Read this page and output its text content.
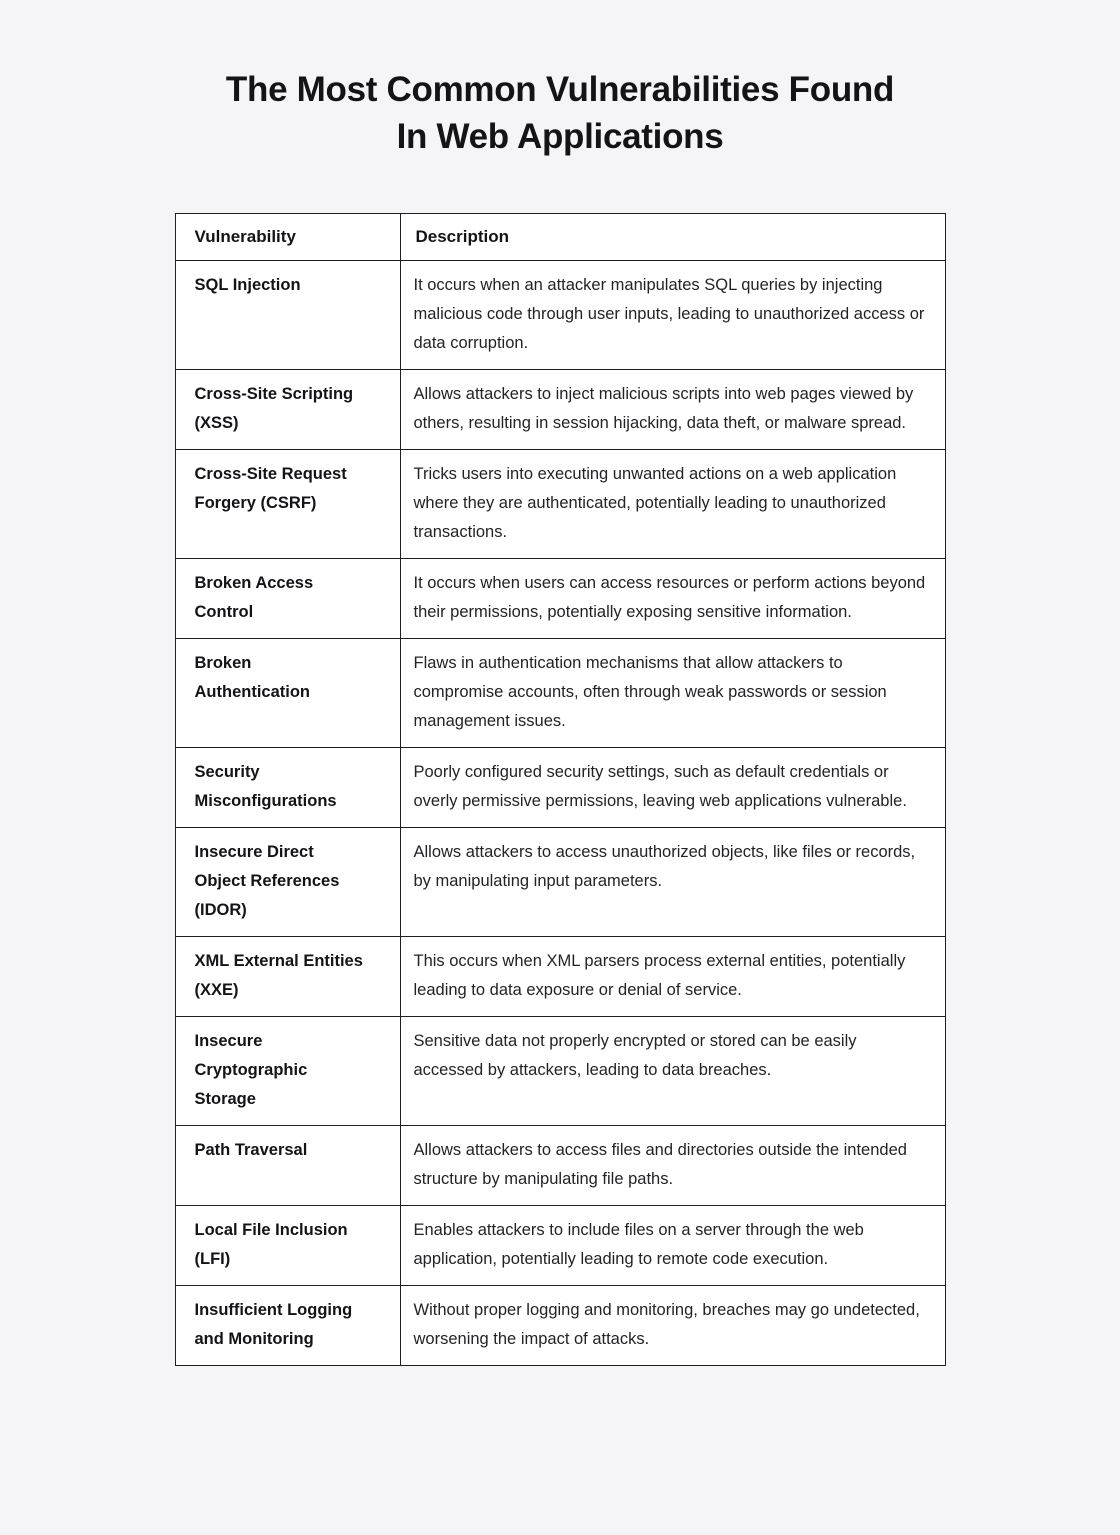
The Most Common Vulnerabilities Found
In Web Applications
Vulnerability	Description
SQL Injection	It occurs when an attacker manipulates SQL queries by injecting malicious code through user inputs, leading to unauthorized access or data corruption.
Cross-Site Scripting (XSS)	Allows attackers to inject malicious scripts into web pages viewed by others, resulting in session hijacking, data theft, or malware spread.
Cross-Site Request Forgery (CSRF)	Tricks users into executing unwanted actions on a web application where they are authenticated, potentially leading to unauthorized transactions.
Broken Access Control	It occurs when users can access resources or perform actions beyond their permissions, potentially exposing sensitive information.
Broken Authentication	Flaws in authentication mechanisms that allow attackers to compromise accounts, often through weak passwords or session management issues.
Security Misconfigurations	Poorly configured security settings, such as default credentials or overly permissive permissions, leaving web applications vulnerable.
Insecure Direct Object References (IDOR)	Allows attackers to access unauthorized objects, like files or records, by manipulating input parameters.
XML External Entities (XXE)	This occurs when XML parsers process external entities, potentially leading to data exposure or denial of service.
Insecure Cryptographic Storage	Sensitive data not properly encrypted or stored can be easily accessed by attackers, leading to data breaches.
Path Traversal	Allows attackers to access files and directories outside the intended structure by manipulating file paths.
Local File Inclusion (LFI)	Enables attackers to include files on a server through the web application, potentially leading to remote code execution.
Insufficient Logging and Monitoring	Without proper logging and monitoring, breaches may go undetected, worsening the impact of attacks.
